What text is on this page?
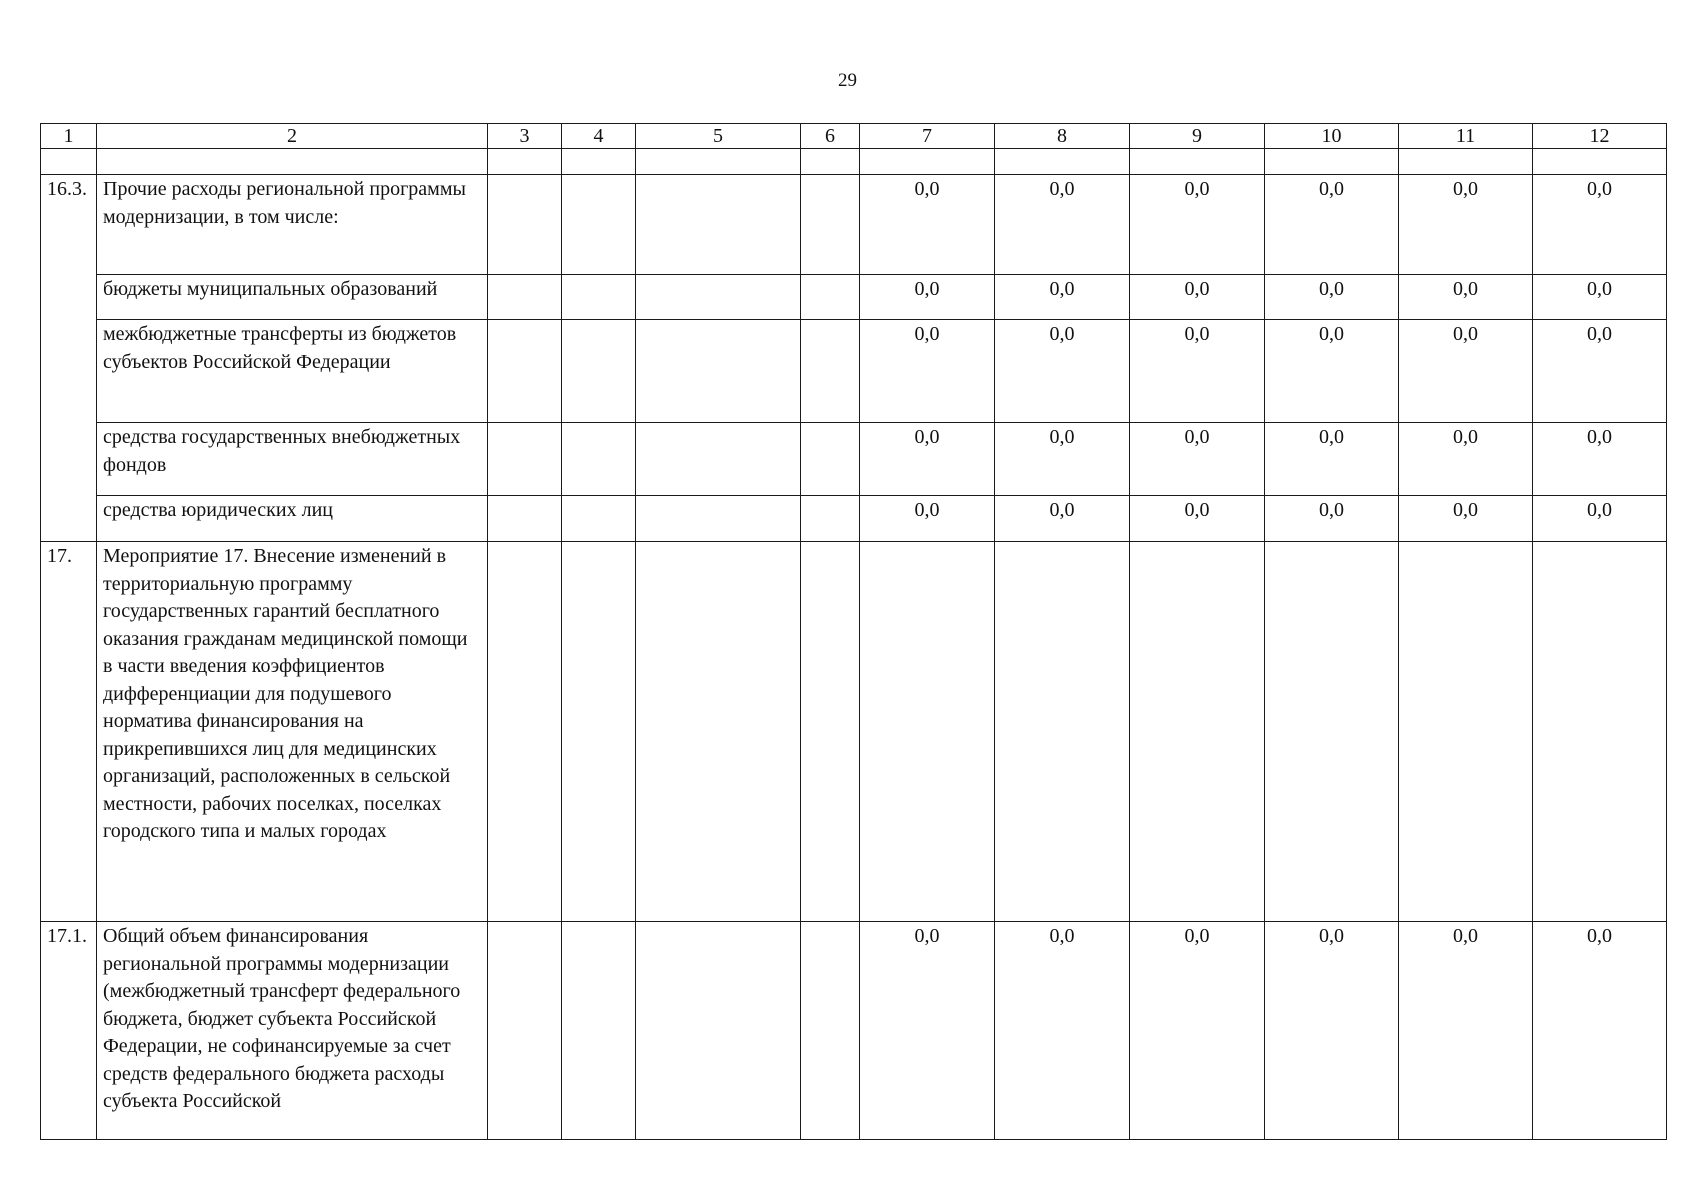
29
1	2	3	4	5	6	7	8	9	10	11	12

16.3.	Прочие расходы региональной программы модернизации, в том числе:					0,0	0,0	0,0	0,0	0,0	0,0
	бюджеты муниципальных образований					0,0	0,0	0,0	0,0	0,0	0,0
	межбюджетные трансферты из бюджетов субъектов Российской Федерации					0,0	0,0	0,0	0,0	0,0	0,0
	средства государственных внебюджетных фондов					0,0	0,0	0,0	0,0	0,0	0,0
	средства юридических лиц					0,0	0,0	0,0	0,0	0,0	0,0
17.	Мероприятие 17. Внесение изменений в территориальную программу государственных гарантий бесплатного оказания гражданам медицинской помощи в части введения коэффициентов дифференциации для подушевого норматива финансирования на прикрепившихся лиц для медицинских организаций, расположенных в сельской местности, рабочих поселках, поселках городского типа и малых городах										
17.1.	Общий объем финансирования региональной программы модернизации (межбюджетный трансферт федерального бюджета, бюджет субъекта Российской Федерации, не софинансируемые за счет средств федерального бюджета расходы субъекта Российской					0,0	0,0	0,0	0,0	0,0	0,0
